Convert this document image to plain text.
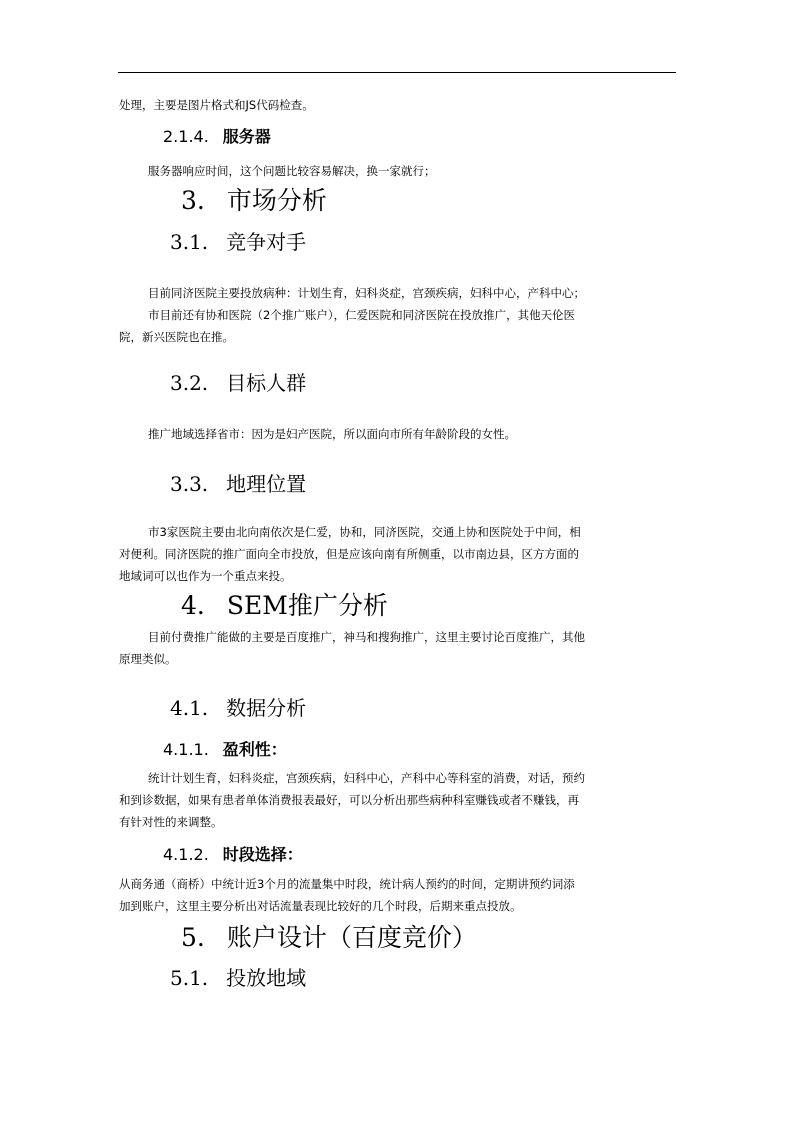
处理，主要是图片格式和JS代码检查。
2.1.4. 服务器
服务器响应时间，这个问题比较容易解决，换一家就行；
3. 市场分析
3.1. 竞争对手
目前同济医院主要投放病种：计划生育，妇科炎症，宫颈疾病，妇科中心，产科中心；
市目前还有协和医院（2个推广账户），仁爱医院和同济医院在投放推广，其他天伦医
院，新兴医院也在推。
3.2. 目标人群
推广地域选择省市：因为是妇产医院，所以面向市所有年龄阶段的女性。
3.3. 地理位置
市3家医院主要由北向南依次是仁爱，协和，同济医院，交通上协和医院处于中间，相
对便利。同济医院的推广面向全市投放，但是应该向南有所侧重，以市南边县，区方方面的
地域词可以也作为一个重点来投。
4. SEM推广分析
目前付费推广能做的主要是百度推广，神马和搜狗推广，这里主要讨论百度推广，其他
原理类似。
4.1. 数据分析
4.1.1. 盈利性：
统计计划生育，妇科炎症，宫颈疾病，妇科中心，产科中心等科室的消费，对话，预约
和到诊数据，如果有患者单体消费报表最好，可以分析出那些病种科室赚钱或者不赚钱，再
有针对性的来调整。
4.1.2. 时段选择：
从商务通（商桥）中统计近3个月的流量集中时段，统计病人预约的时间，定期讲预约词添
加到账户，这里主要分析出对话流量表现比较好的几个时段，后期来重点投放。
5. 账户设计（百度竞价）
5.1. 投放地域
